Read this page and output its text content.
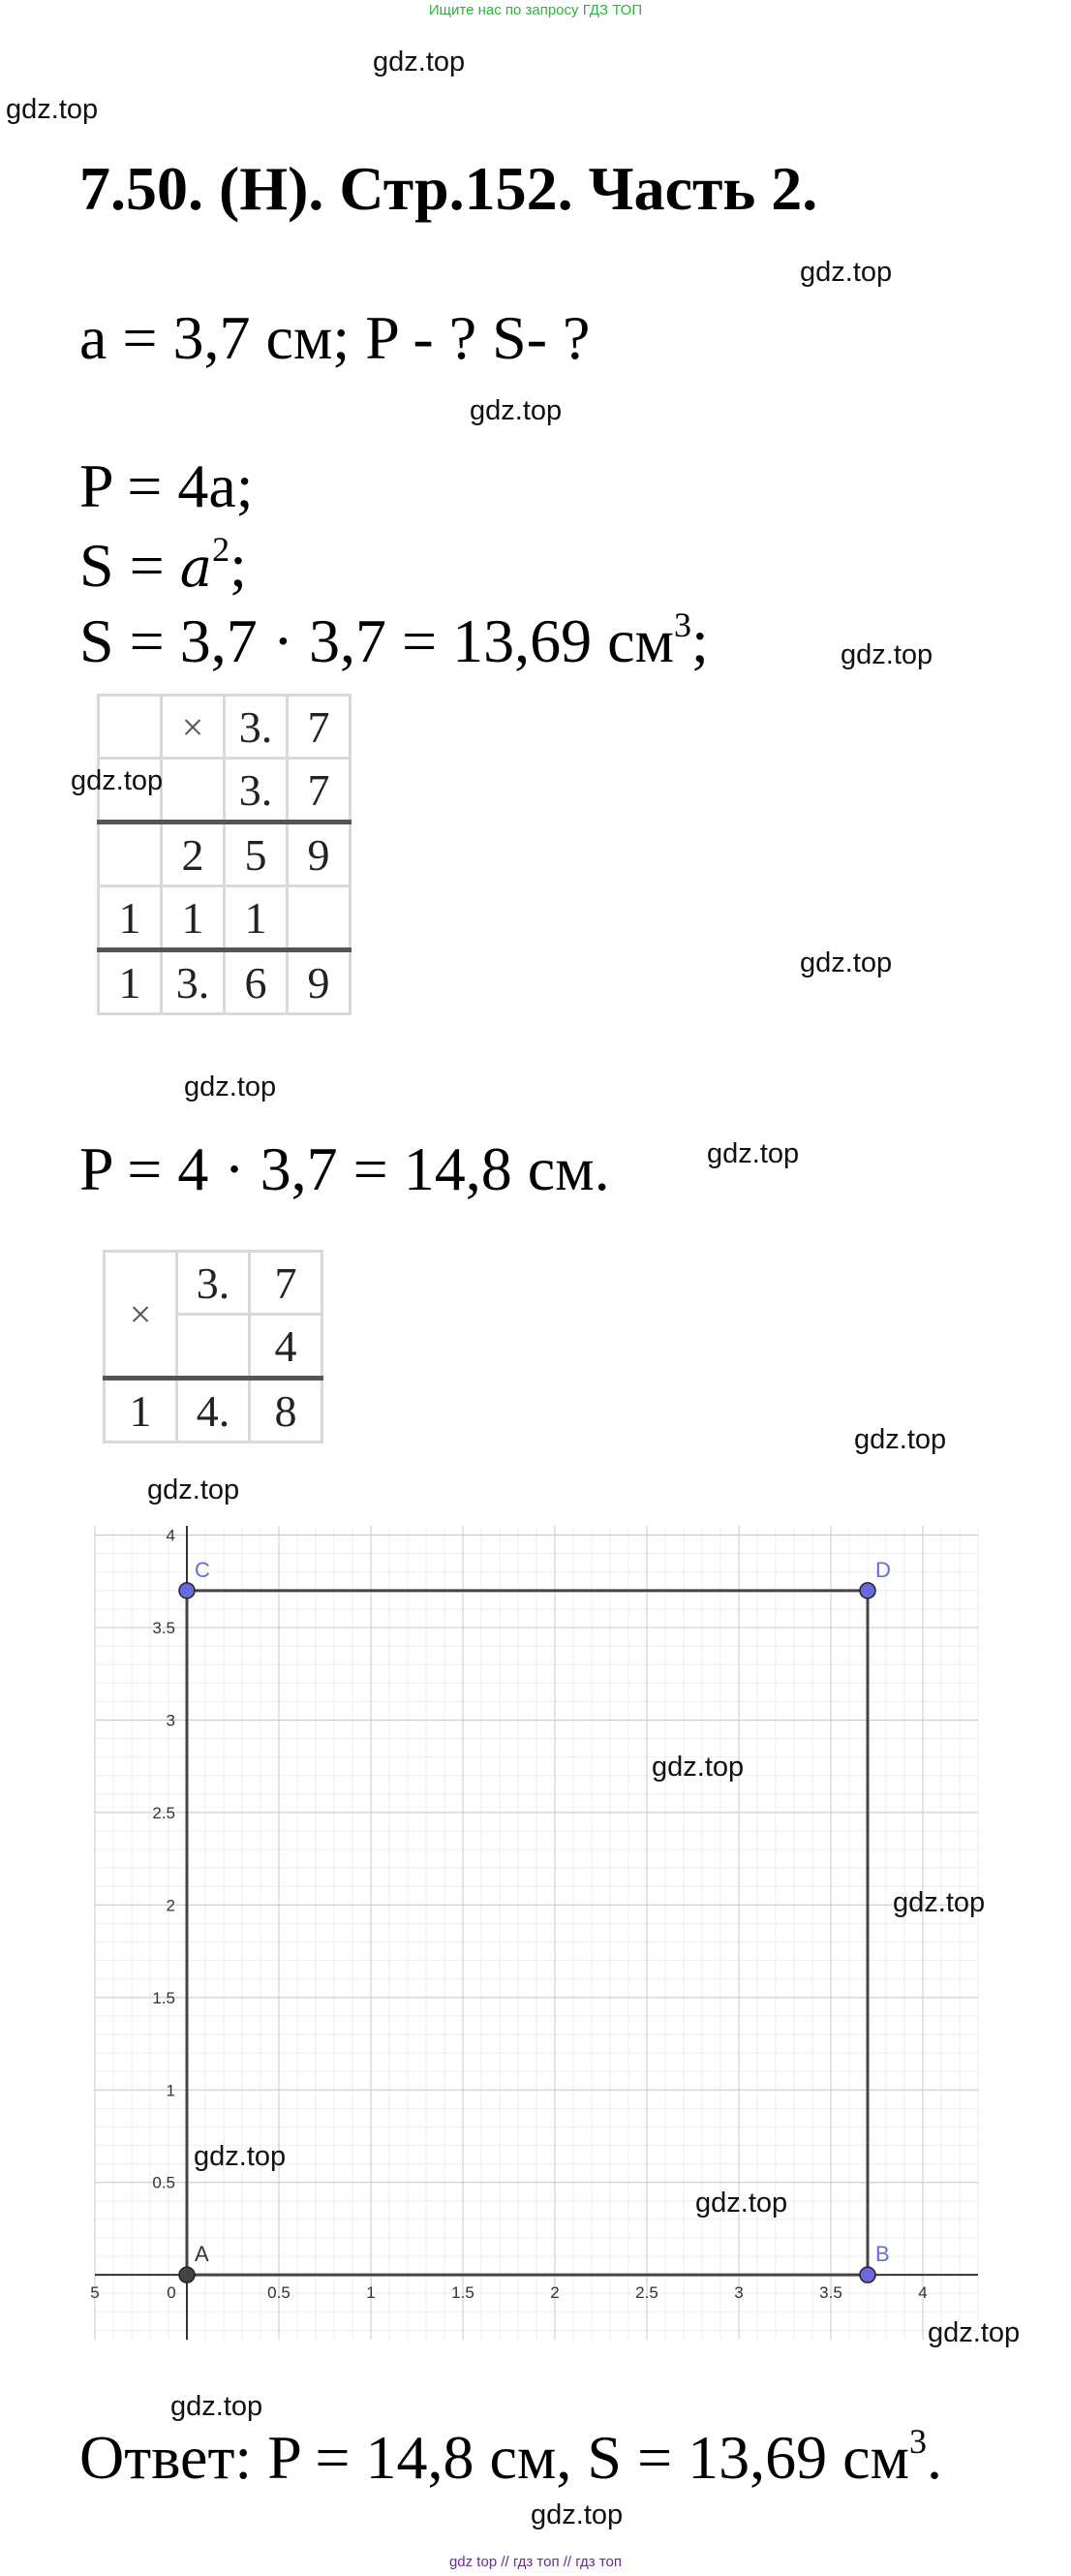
Ищите нас по запросу ГДЗ ТОП
gdz.top
gdz.top
7.50. (Н). Стр.152. Часть 2.
gdz.top
a = 3,7 см; P - ? S- ?
gdz.top
P = 4a;
$S = a^2$;
S = 3,7 · 3,7 = 13,69 $см^3$;	gdz.top
	×	3.	7
		3.	7
	2	5	9
1	1	1	
1	3.	6	9
gdz.top
gdz.top
gdz.top
P = 4 · 3,7 = 14,8 см.	gdz.top
×	3.	7
		4
1	4.	8
gdz.top
gdz.top
5	0	0.5	1	1.5	2	2.5	3	3.5	4
0.5
1
1.5
2
2.5
3
3.5
4
A	B
C	D
gdz.top
gdz.top
gdz.top
gdz.top
gdz.top
gdz.top
Ответ: P = 14,8 см, S = 13,69 $см^3$.
gdz.top
gdz top // гдз топ // гдз топ
